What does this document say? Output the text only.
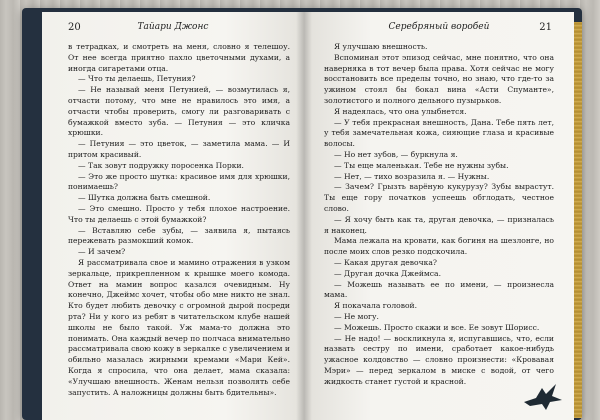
20	Тайари Джонс

в тетрадках, и смотреть на меня, словно я телешоу. От нее всегда приятно пахло цветочными духами, а иногда сигаретами отца.

— Что ты делаешь, Петуния?

— Не называй меня Петунией, — возмутилась я, отчасти потому, что мне не нравилось это имя, а отчасти чтобы проверить, смогу ли разговаривать с бумажкой вместо зуба. — Петуния — это кличка хрюшки.

— Петуния — это цветок, — заметила мама. — И притом красивый.

— Так зовут подружку поросенка Порки.

— Это же просто шутка: красивое имя для хрюшки, понимаешь?

— Шутка должна быть смешной.

— Это смешно. Просто у тебя плохое настроение. Что ты делаешь с этой бумажкой?

— Вставляю себе зубы, — заявила я, пытаясь пережевать размокший комок.

— И зачем?

Я рассматривала свое и мамино отражения в узком зеркальце, прикрепленном к крышке моего комода. Ответ на мамин вопрос казался очевидным. Ну конечно, Джеймс хочет, чтобы обо мне никто не знал. Кто будет любить девочку с огромной дырой посреди рта? Ни у кого из ребят в читательском клубе нашей школы не было такой. Уж мама-то должна это понимать. Она каждый вечер по полчаса внимательно рассматривала свою кожу в зеркалке с увеличением и обильно мазалась жирными кремами «Мари Кей». Когда я спросила, что она делает, мама сказала: «Улучшаю внешность. Женам нельзя позволять себе запустить. А наложницы должны быть бдительны».

Серебряный воробей	21

Я улучшаю внешность.

Вспоминая этот эпизод сейчас, мне понятно, что она наверняка в тот вечер была права. Хотя сейчас не могу восстановить все пределы точно, но знаю, что где-то за ужином стоял бы бокал вина «Асти Спуманте», золотистого и полного дельного пузырьков.

Я надеялась, что она улыбнется.

— У тебя прекрасная внешность, Дана. Тебе пять лет, у тебя замечательная кожа, сияющие глаза и красивые волосы.

— Но нет зубов, — буркнула я.

— Ты еще маленькая. Тебе не нужны зубы.

— Нет, — тихо возразила я. — Нужны.

— Зачем? Грызть варёную кукурузу? Зубы вырастут. Ты еще гору початков успеешь обглодать, честное слово.

— Я хочу быть как та, другая девочка, — призналась я наконец.

Мама лежала на кровати, как богиня на шезлонге, но после моих слов резко подскочила.

— Какая другая девочка?

— Другая дочка Джеймса.

— Можешь называть ее по имени, — произнесла мама.

Я покачала головой.

— Не могу.

— Можешь. Просто скажи и все. Ее зовут Шорисс.

— Не надо! — воскликнула я, испугавшись, что, если назвать сестру по имени, сработает какое-нибудь ужасное колдовство — словно произнести: «Кровавая Мэри» — перед зеркалом в миске с водой, от чего жидкость станет густой и красной.
